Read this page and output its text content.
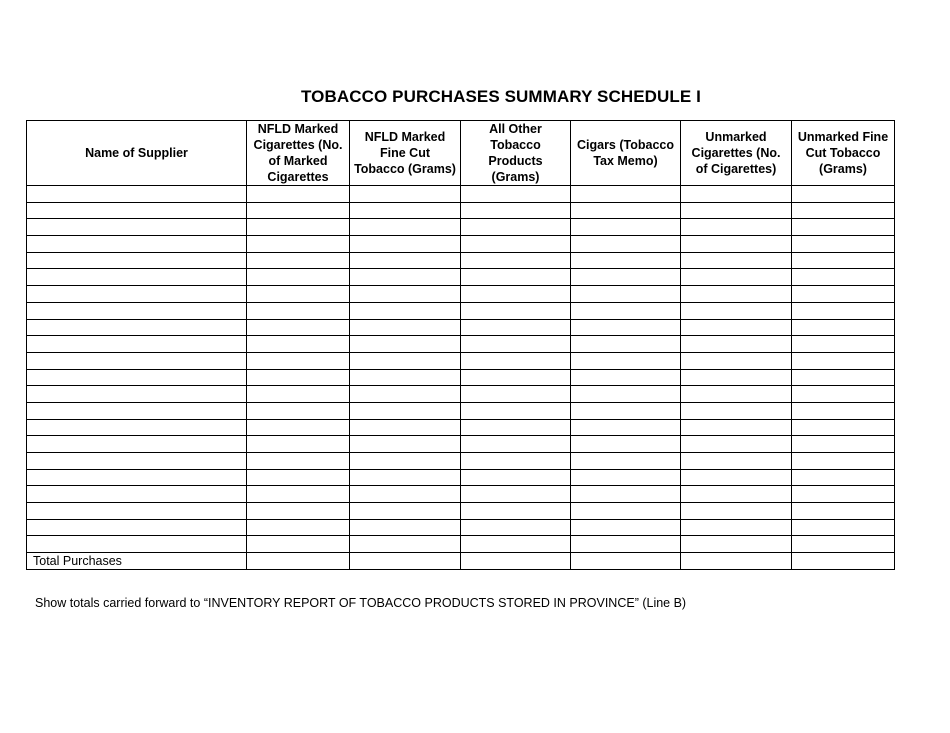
TOBACCO PURCHASES SUMMARY SCHEDULE I
Name of Supplier	NFLD Marked Cigarettes (No. of Marked Cigarettes	NFLD Marked Fine Cut Tobacco (Grams)	All Other Tobacco Products (Grams)	Cigars (Tobacco Tax Memo)	Unmarked Cigarettes (No. of Cigarettes)	Unmarked Fine Cut Tobacco (Grams)

Total Purchases						
Show totals carried forward to “INVENTORY REPORT OF TOBACCO PRODUCTS STORED IN PROVINCE” (Line B)
